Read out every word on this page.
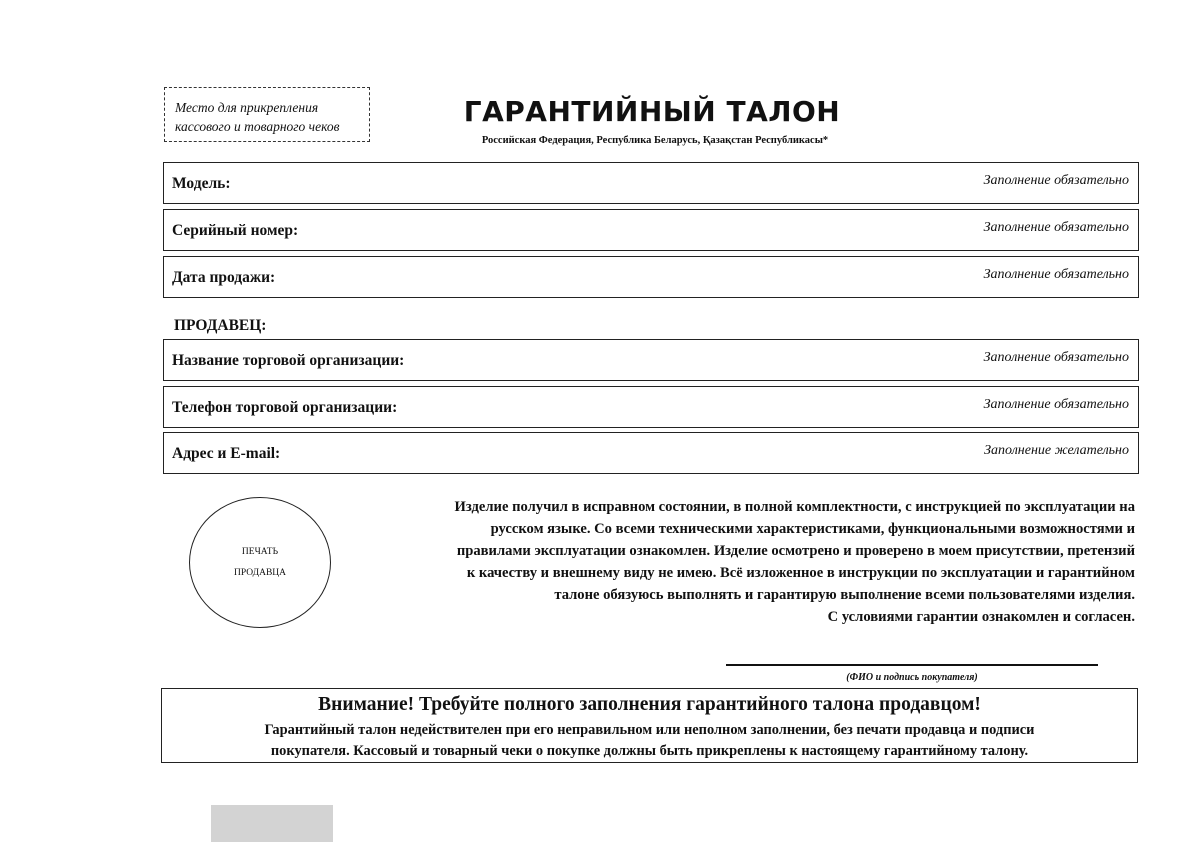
Место для прикрепления
кассового и товарного чеков	ГАРАНТИЙНЫЙ ТАЛОН
Российская Федерация, Республика Беларусь, Қазақстан Республикасы*
Модель:	Заполнение обязательно
Серийный номер:	Заполнение обязательно
Дата продажи:	Заполнение обязательно
ПРОДАВЕЦ:
Название торговой организации:	Заполнение обязательно
Телефон торговой организации:	Заполнение обязательно
Адрес и E-mail:	Заполнение желательно
ПЕЧАТЬ
ПРОДАВЦА
Изделие получил в исправном состоянии, в полной комплектности, с инструкцией по эксплуатации на
русском языке. Со всеми техническими характеристиками, функциональными возможностями и
правилами эксплуатации ознакомлен. Изделие осмотрено и проверено в моем присутствии, претензий
к качеству и внешнему виду не имею. Всё изложенное в инструкции по эксплуатации и гарантийном
талоне обязуюсь выполнять и гарантирую выполнение всеми пользователями изделия.
С условиями гарантии ознакомлен и согласен.
(ФИО и подпись покупателя)
Внимание! Требуйте полного заполнения гарантийного талона продавцом!
Гарантийный талон недействителен при его неправильном или неполном заполнении, без печати продавца и подписи
покупателя. Кассовый и товарный чеки о покупке должны быть прикреплены к настоящему гарантийному талону.
